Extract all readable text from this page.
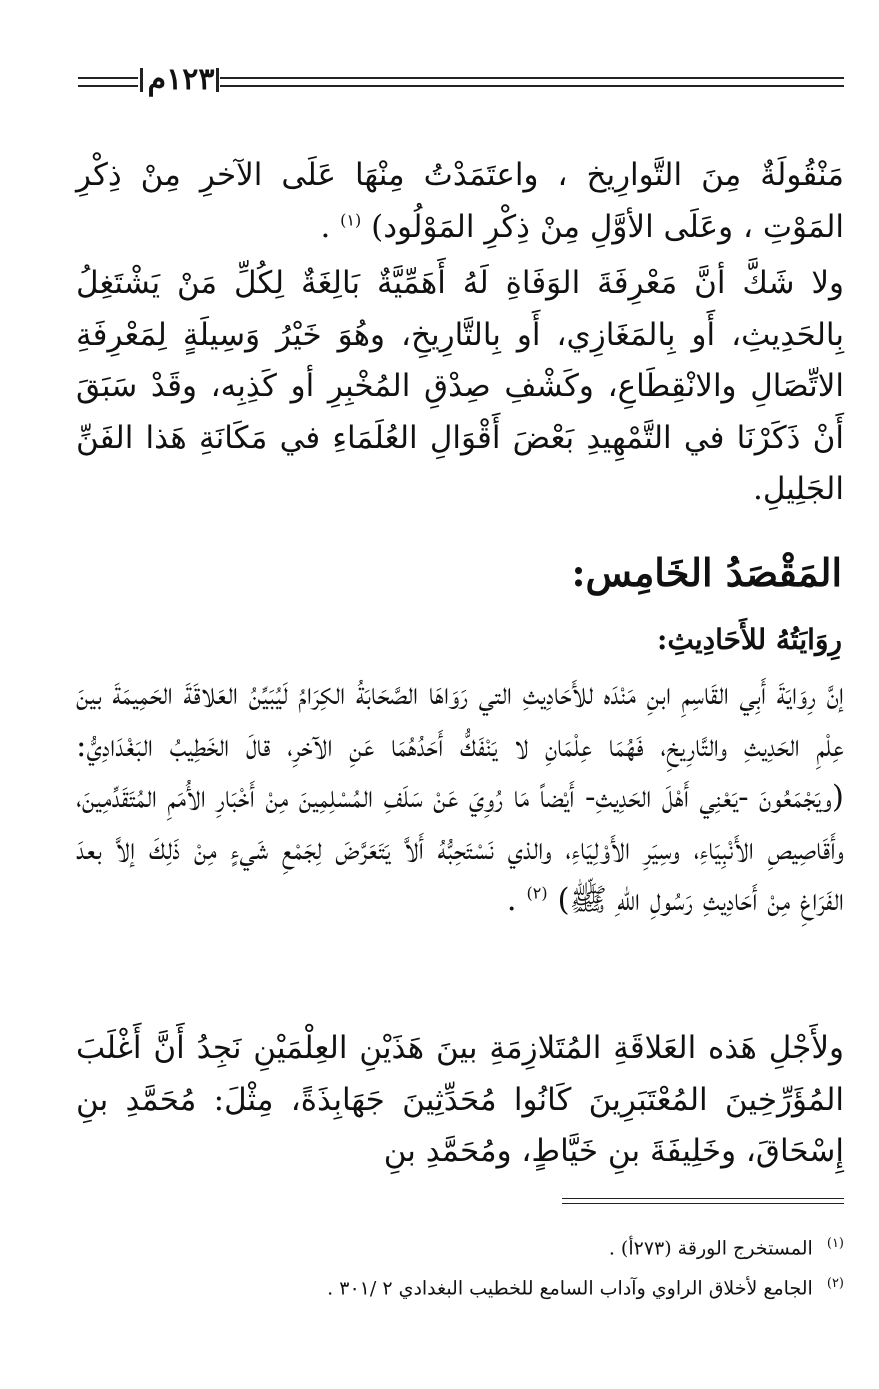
١٢٣م
مَنْقُولَةٌ مِنَ التَّوارِيخ ، واعتَمَدْتُ مِنْهَا عَلَى الآخرِ مِنْ ذِكْرِ المَوْتِ ، وعَلَى الأوَّلِ مِنْ ذِكْرِ المَوْلُود) $^{(١)}$ .
ولا شَكَّ أنَّ مَعْرِفَةَ الوَفَاةِ لَهُ أَهَمِّيَّةٌ بَالِغَةٌ لِكُلِّ مَنْ يَشْتَغِلُ بِالحَدِيثِ، أَو بِالمَغَازِي، أَو بِالتَّارِيخِ، وهُوَ خَيْرُ وَسِيلَةٍ لِمَعْرِفَةِ الاتِّصَالِ والانْقِطَاعِ، وكَشْفِ صِدْقِ المُخْبِرِ أو كَذِبِه، وقَدْ سَبَقَ أَنْ ذَكَرْنَا في التَّمْهِيدِ بَعْضَ أَقْوَالِ العُلَمَاءِ في مَكَانَةِ هَذا الفَنِّ الجَلِيلِ.
المَقْصَدُ الخَامِس:
رِوَايَتُهُ للأَحَادِيثِ:
إنَّ رِوَايَةَ أَبِي القَاسِمِ ابنِ مَنْدَه للأَحَادِيثِ التي رَوَاهَا الصَّحَابَةُ الكِرَامُ لَيُبَيِّنُ العَلاقَةَ الحَمِيمَةَ بينَ عِلْمِ الحَدِيثِ والتَّارِيخِ، فَهُمَا عِلْمَانِ لا يَنْفَكُّ أَحَدُهُمَا عَنِ الآخرِ، قالَ الخَطِيبُ البَغْدَادِيُّ:(ويَجْمَعُونَ -يَعْنِي أَهْلَ الحَدِيثِ- أَيْضاً مَا رُوِيَ عَنْ سَلَفِ المُسْلِمِينَ مِنْ أَخْبَارِ الأُمَمِ المُتَقَدِّمِينَ، وأَقَاصِيصِ الأَنْبِيَاءِ، وسِيَرِ الأَوْلِيَاءِ، والذي نَسْتَحِبُّهُ أَلاَّ يَتَعَرَّضَ لِجَمْعِ شَيءٍ مِنْ ذَلِكَ إلاَّ بعدَ الفَرَاغِ مِنْ أَحَادِيثِ رَسُولِ اللهِ ﷺ) $^{(٢)}$ .
ولأَجْلِ هَذه العَلاقَةِ المُتَلازِمَةِ بينَ هَذَيْنِ العِلْمَيْنِ نَجِدُ أَنَّ أَغْلَبَ المُؤَرِّخِينَ المُعْتَبَرِينَ كَانُوا مُحَدِّثِينَ جَهَابِذَةً، مِثْلَ: مُحَمَّدِ بنِ إِسْحَاقَ، وخَلِيفَةَ بنِ خَيَّاطٍ، ومُحَمَّدِ بنِ
$^{(١)}$ المستخرج الورقة (٢٧٣أ) .
$^{(٢)}$ الجامع لأخلاق الراوي وآداب السامع للخطيب البغدادي ٢ /٣٠١ .
